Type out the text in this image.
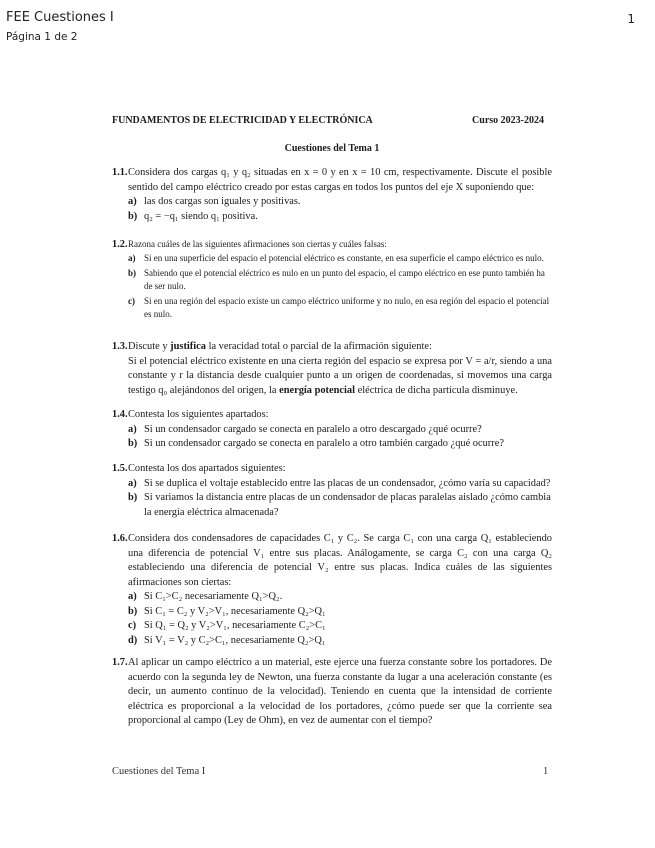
FEE Cuestiones I
Página 1 de 2
1
FUNDAMENTOS DE ELECTRICIDAD Y ELECTRÓNICA	Curso 2023-2024
Cuestiones del Tema 1
1.1. Considera dos cargas q₁ y q₂ situadas en x = 0 y en x = 10 cm, respectivamente. Discute el posible sentido del campo eléctrico creado por estas cargas en todos los puntos del eje X suponiendo que:
a) las dos cargas son iguales y positivas.
b) q₂ = −q₁ siendo q₁ positiva.
1.2. Razona cuáles de las siguientes afirmaciones son ciertas y cuáles falsas:
a) Si en una superficie del espacio el potencial eléctrico es constante, en esa superficie el campo eléctrico es nulo.
b) Sabiendo que el potencial eléctrico es nulo en un punto del espacio, el campo eléctrico en ese punto también ha de ser nulo.
c) Si en una región del espacio existe un campo eléctrico uniforme y no nulo, en esa región del espacio el potencial es nulo.
1.3. Discute y justifica la veracidad total o parcial de la afirmación siguiente:
Si el potencial eléctrico existente en una cierta región del espacio se expresa por V = a/r, siendo a una constante y r la distancia desde cualquier punto a un origen de coordenadas, si movemos una carga testigo q₀ alejándonos del origen, la energía potencial eléctrica de dicha partícula disminuye.
1.4. Contesta los siguientes apartados:
a) Si un condensador cargado se conecta en paralelo a otro descargado ¿qué ocurre?
b) Si un condensador cargado se conecta en paralelo a otro también cargado ¿qué ocurre?
1.5. Contesta los dos apartados siguientes:
a) Si se duplica el voltaje establecido entre las placas de un condensador, ¿cómo varía su capacidad?
b) Si variamos la distancia entre placas de un condensador de placas paralelas aislado ¿cómo cambia la energía eléctrica almacenada?
1.6. Considera dos condensadores de capacidades C₁ y C₂. Se carga C₁ con una carga Q₁ estableciendo una diferencia de potencial V₁ entre sus placas. Análogamente, se carga C₂ con una carga Q₂ estableciendo una diferencia de potencial V₂ entre sus placas. Indica cuáles de las siguientes afirmaciones son ciertas:
a) Si C₁>C₂ necesariamente Q₁>Q₂.
b) Si C₁ = C₂ y V₂>V₁, necesariamente Q₂>Q₁
c) Si Q₁ = Q₂ y V₂>V₁, necesariamente C₂>C₁
d) Si V₁ = V₂ y C₂>C₁, necesariamente Q₂>Q₁
1.7. Al aplicar un campo eléctrico a un material, este ejerce una fuerza constante sobre los portadores. De acuerdo con la segunda ley de Newton, una fuerza constante da lugar a una aceleración constante (es decir, un aumento continuo de la velocidad). Teniendo en cuenta que la intensidad de corriente eléctrica es proporcional a la velocidad de los portadores, ¿cómo puede ser que la corriente sea proporcional al campo (Ley de Ohm), en vez de aumentar con el tiempo?
Cuestiones del Tema I	1
